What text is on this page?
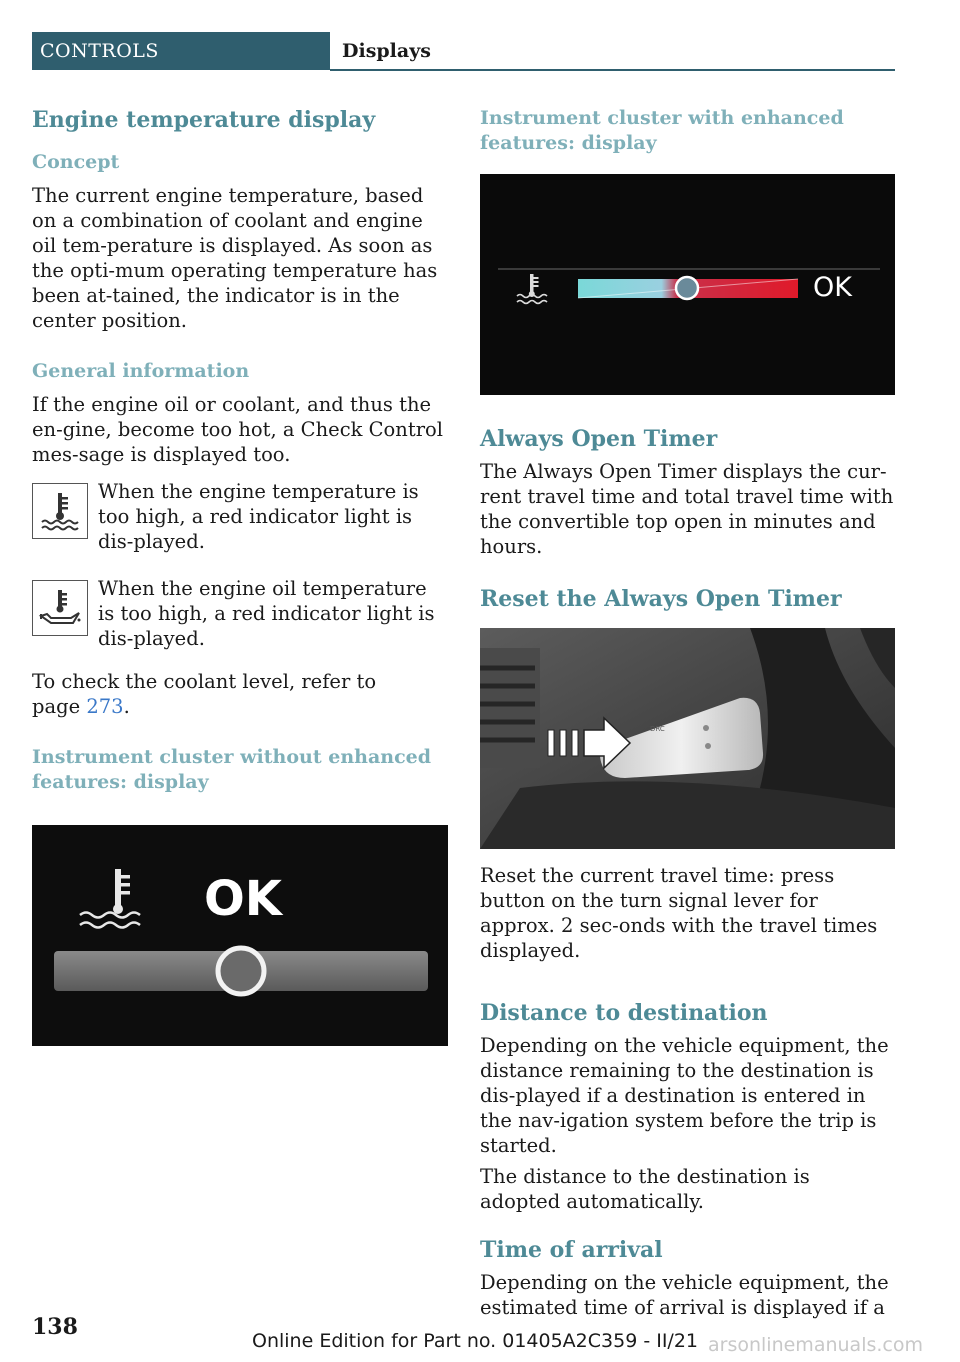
CONTROLS	Displays
Engine temperature display
Concept

The current engine temperature, based on a combination of coolant and engine oil tem-perature is displayed. As soon as the opti-mum operating temperature has been at-tained, the indicator is in the center position.

General information

If the engine oil or coolant, and thus the en-gine, become too hot, a Check Control mes-sage is displayed too.

When the engine temperature is too high, a red indicator light is dis-played.

When the engine oil temperature is too high, a red indicator light is dis-played.

To check the coolant level, refer to
page 273.

Instrument cluster without enhanced features: display
OK
Instrument cluster with enhanced features: display
OK
Always Open Timer

The Always Open Timer displays the cur-rent travel time and total travel time with the convertible top open in minutes and hours.

Reset the Always Open Timer
DRC

Reset the current travel time: press button on the turn signal lever for approx. 2 sec-onds with the travel times displayed.

Distance to destination

Depending on the vehicle equipment, the distance remaining to the destination is dis-played if a destination is entered in the nav-igation system before the trip is started.

The distance to the destination is adopted automatically.

Time of arrival

Depending on the vehicle equipment, the estimated time of arrival is displayed if a

138
Online Edition for Part no. 01405A2C359 - II/21 arsonlinemanuals.com
